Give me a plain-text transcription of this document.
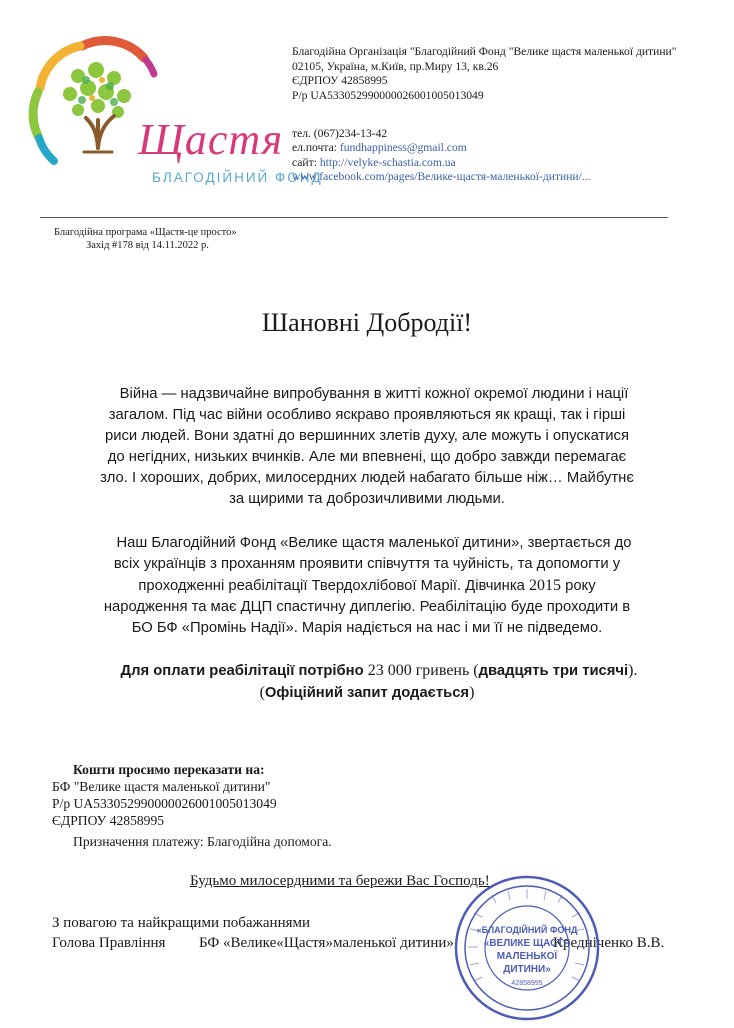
Щастя
БЛАГОДІЙНИЙ ФОНД
Благодійна Організація "Благодійний Фонд "Велике щастя маленької дитини"
02105, Україна, м.Київ, пр.Миру 13, кв.26
ЄДРПОУ 42858995
Р/р UA533052990000026001005013049
тел. (067)234-13-42
ел.почта: fundhappiness@gmail.com
сайт: http://velyke-schastia.com.ua
www.facebook.com/pages/Велике-щастя-маленької-дитини/...
Благодійна програма «Щастя-це просто»
Захід #178 від 14.11.2022 р.
Шановні Добродії!
Війна — надзвичайне випробування в житті кожної окремої людини і нації
загалом. Під час війни особливо яскраво проявляються як кращі, так і гірші
риси людей. Вони здатні до вершинних злетів духу, але можуть і опускатися
до негідних, низьких вчинків. Але ми впевнені, що добро завжди перемагає
зло. І хороших, добрих, милосердних людей набагато більше ніж… Майбутнє
за щирими та доброзичливими людьми.
Наш Благодійний Фонд «Велике щастя маленької дитини», звертається до
всіх українців з проханням проявити співчуття та чуйність, та допомогти у
проходженні реабілітації Твердохлібової Марії. Дівчинка 2015 року
народження та має ДЦП спастичну диплегію. Реабілітацію буде проходити в
БО БФ «Промінь Надії». Марія надіється на нас і ми її не підведемо.
Для оплати реабілітації потрібно 23 000 гривень (двадцять три тисячі).
(Офіційний запит додається)
Кошти просимо переказати на:
БФ "Велике щастя маленької дитини"
Р/р UA533052990000026001005013049
ЄДРПОУ 42858995
Призначення платежу: Благодійна допомога.
Будьмо милосердними та бережи Вас Господь!
З повагою та найкращими побажаннями
Голова Правління БФ «Велике«Щастя»маленької дитини»	Кредніченко В.В.
«БЛАГОДІЙНИЙ ФОНД
«ВЕЛИКЕ ЩАСТЯ
МАЛЕНЬКОЇ
ДИТИНИ»
42858995
